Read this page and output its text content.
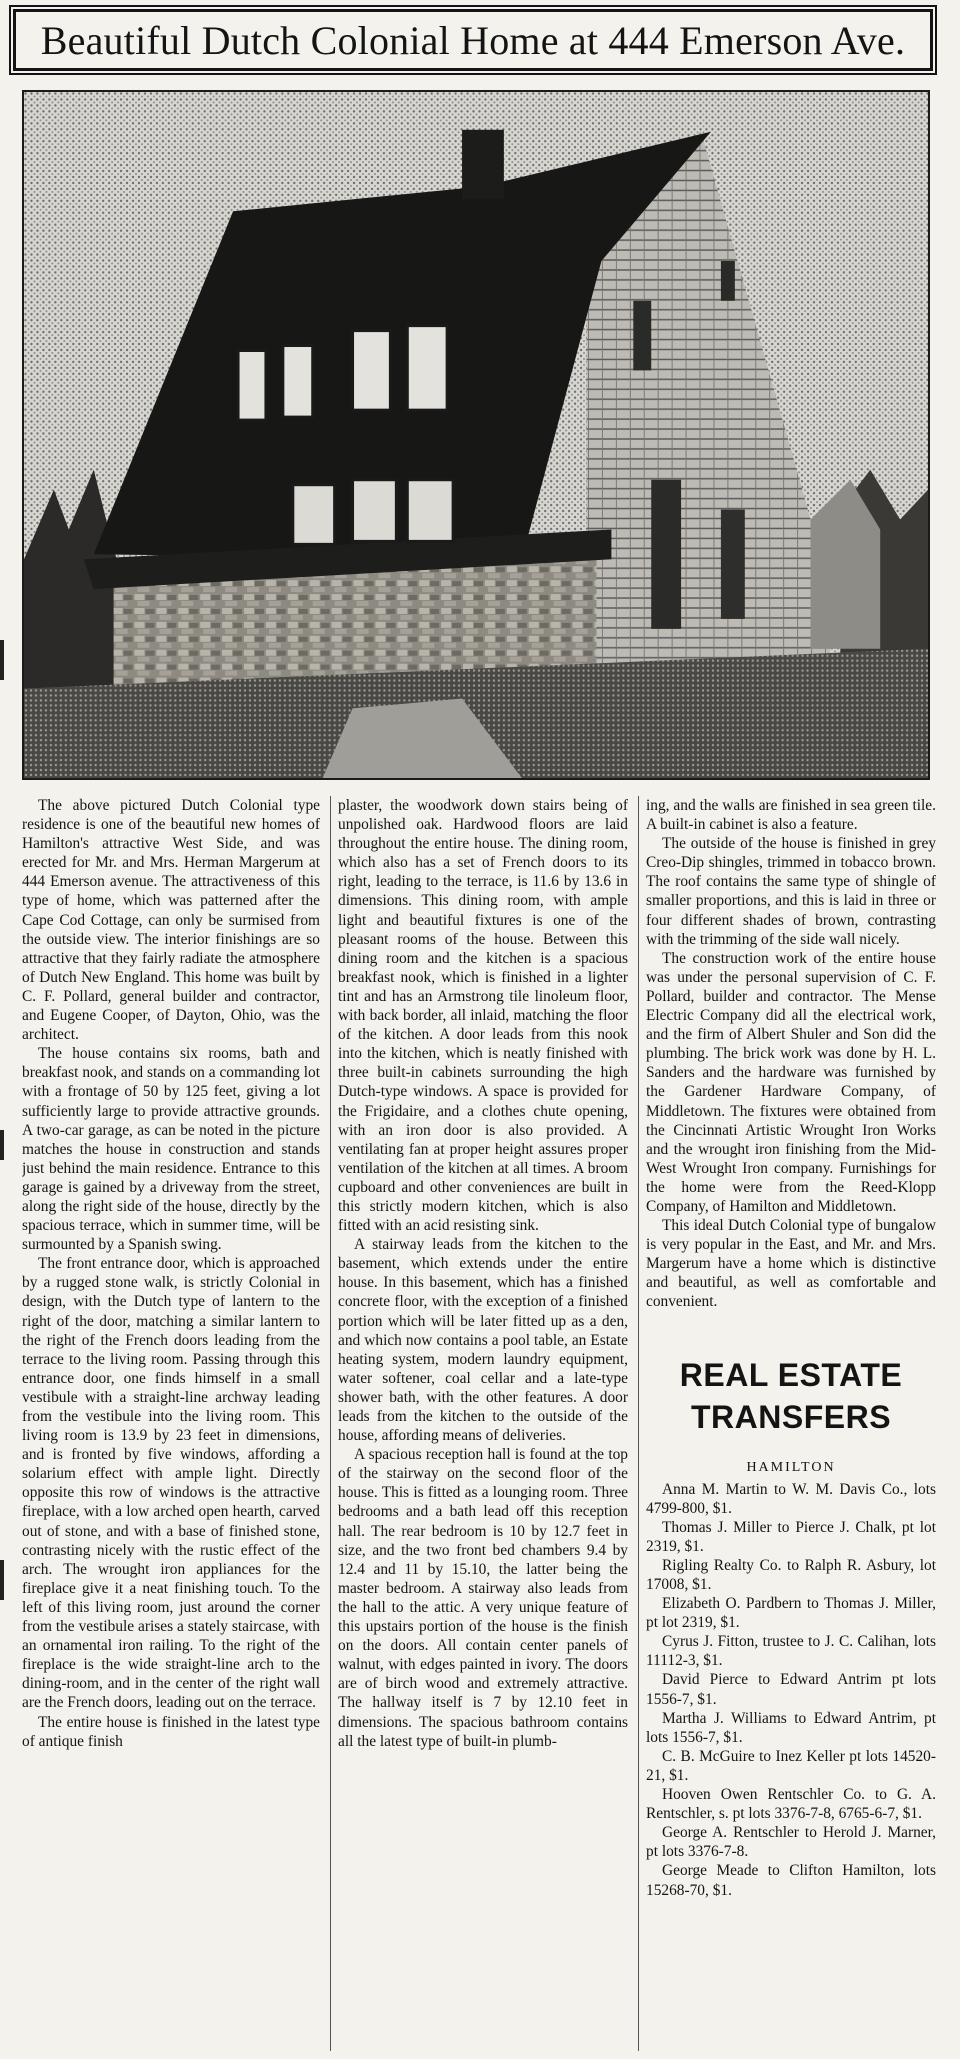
Beautiful Dutch Colonial Home at 444 Emerson Ave.

The above pictured Dutch Colonial type residence is one of the beautiful new homes of Hamilton's attractive West Side, and was erected for Mr. and Mrs. Herman Margerum at 444 Emerson avenue. The attractiveness of this type of home, which was patterned after the Cape Cod Cottage, can only be surmised from the outside view. The interior finishings are so attractive that they fairly radiate the atmosphere of Dutch New England. This home was built by C. F. Pollard, general builder and contractor, and Eugene Cooper, of Dayton, Ohio, was the architect.

The house contains six rooms, bath and breakfast nook, and stands on a commanding lot with a frontage of 50 by 125 feet, giving a lot sufficiently large to provide attractive grounds. A two-car garage, as can be noted in the picture matches the house in construction and stands just behind the main residence. Entrance to this garage is gained by a driveway from the street, along the right side of the house, directly by the spacious terrace, which in summer time, will be surmounted by a Spanish swing.

The front entrance door, which is approached by a rugged stone walk, is strictly Colonial in design, with the Dutch type of lantern to the right of the door, matching a similar lantern to the right of the French doors leading from the terrace to the living room. Passing through this entrance door, one finds himself in a small vestibule with a straight-line archway leading from the vestibule into the living room. This living room is 13.9 by 23 feet in dimensions, and is fronted by five windows, affording a solarium effect with ample light. Directly opposite this row of windows is the attractive fireplace, with a low arched open hearth, carved out of stone, and with a base of finished stone, contrasting nicely with the rustic effect of the arch. The wrought iron appliances for the fireplace give it a neat finishing touch. To the left of this living room, just around the corner from the vestibule arises a stately staircase, with an ornamental iron railing. To the right of the fireplace is the wide straight-line arch to the dining-room, and in the center of the right wall are the French doors, leading out on the terrace.

The entire house is finished in the latest type of antique finish

plaster, the woodwork down stairs being of unpolished oak. Hardwood floors are laid throughout the entire house. The dining room, which also has a set of French doors to its right, leading to the terrace, is 11.6 by 13.6 in dimensions. This dining room, with ample light and beautiful fixtures is one of the pleasant rooms of the house. Between this dining room and the kitchen is a spacious breakfast nook, which is finished in a lighter tint and has an Armstrong tile linoleum floor, with back border, all inlaid, matching the floor of the kitchen. A door leads from this nook into the kitchen, which is neatly finished with three built-in cabinets surrounding the high Dutch-type windows. A space is provided for the Frigidaire, and a clothes chute opening, with an iron door is also provided. A ventilating fan at proper height assures proper ventilation of the kitchen at all times. A broom cupboard and other conveniences are built in this strictly modern kitchen, which is also fitted with an acid resisting sink.

A stairway leads from the kitchen to the basement, which extends under the entire house. In this basement, which has a finished concrete floor, with the exception of a finished portion which will be later fitted up as a den, and which now contains a pool table, an Estate heating system, modern laundry equipment, water softener, coal cellar and a late-type shower bath, with the other features. A door leads from the kitchen to the outside of the house, affording means of deliveries.

A spacious reception hall is found at the top of the stairway on the second floor of the house. This is fitted as a lounging room. Three bedrooms and a bath lead off this reception hall. The rear bedroom is 10 by 12.7 feet in size, and the two front bed chambers 9.4 by 12.4 and 11 by 15.10, the latter being the master bedroom. A stairway also leads from the hall to the attic. A very unique feature of this upstairs portion of the house is the finish on the doors. All contain center panels of walnut, with edges painted in ivory. The doors are of birch wood and extremely attractive. The hallway itself is 7 by 12.10 feet in dimensions. The spacious bathroom contains all the latest type of built-in plumb-

ing, and the walls are finished in sea green tile. A built-in cabinet is also a feature.

The outside of the house is finished in grey Creo-Dip shingles, trimmed in tobacco brown. The roof contains the same type of shingle of smaller proportions, and this is laid in three or four different shades of brown, contrasting with the trimming of the side wall nicely.

The construction work of the entire house was under the personal supervision of C. F. Pollard, builder and contractor. The Mense Electric Company did all the electrical work, and the firm of Albert Shuler and Son did the plumbing. The brick work was done by H. L. Sanders and the hardware was furnished by the Gardener Hardware Company, of Middletown. The fixtures were obtained from the Cincinnati Artistic Wrought Iron Works and the wrought iron finishing from the Mid-West Wrought Iron company. Furnishings for the home were from the Reed-Klopp Company, of Hamilton and Middletown.

This ideal Dutch Colonial type of bungalow is very popular in the East, and Mr. and Mrs. Margerum have a home which is distinctive and beautiful, as well as comfortable and convenient.

REAL ESTATE
TRANSFERS
HAMILTON

Anna M. Martin to W. M. Davis Co., lots 4799-800, $1.

Thomas J. Miller to Pierce J. Chalk, pt lot 2319, $1.

Rigling Realty Co. to Ralph R. Asbury, lot 17008, $1.

Elizabeth O. Pardbern to Thomas J. Miller, pt lot 2319, $1.

Cyrus J. Fitton, trustee to J. C. Calihan, lots 11112-3, $1.

David Pierce to Edward Antrim pt lots 1556-7, $1.

Martha J. Williams to Edward Antrim, pt lots 1556-7, $1.

C. B. McGuire to Inez Keller pt lots 14520-21, $1.

Hooven Owen Rentschler Co. to G. A. Rentschler, s. pt lots 3376-7-8, 6765-6-7, $1.

George A. Rentschler to Herold J. Marner, pt lots 3376-7-8.

George Meade to Clifton Hamilton, lots 15268-70, $1.
